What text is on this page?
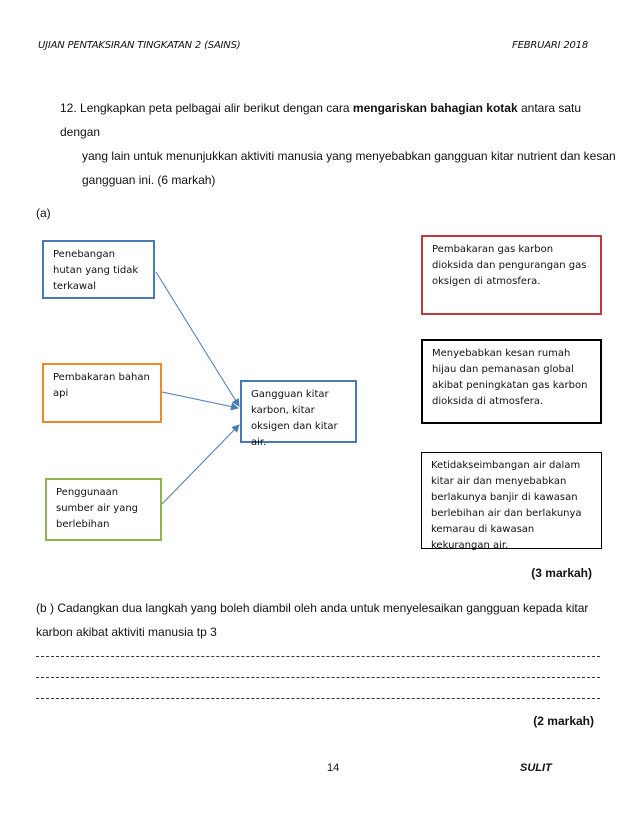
UJIAN PENTAKSIRAN TINGKATAN 2 (SAINS)	FEBRUARI 2018
12. Lengkapkan peta pelbagai alir berikut dengan cara mengariskan bahagian kotak antara satu dengan
yang lain untuk menunjukkan aktiviti manusia yang menyebabkan gangguan kitar nutrient dan kesan
gangguan ini. (6 markah)
(a)
Penebangan hutan yang tidak terkawal
Pembakaran bahan api
Penggunaan sumber air yang berlebihan
Gangguan kitar karbon, kitar oksigen dan kitar air.
Pembakaran gas karbon dioksida dan pengurangan gas oksigen di atmosfera.
Menyebabkan kesan rumah hijau dan pemanasan global akibat peningkatan gas karbon dioksida di atmosfera.
Ketidakseimbangan air dalam kitar air dan menyebabkan berlakunya banjir di kawasan berlebihan air dan berlakunya kemarau di kawasan kekurangan air.
(3 markah)
(b ) Cadangkan dua langkah yang boleh diambil oleh anda untuk menyelesaikan gangguan kepada kitar
karbon akibat aktiviti manusia tp 3
(2 markah)
14	SULIT
